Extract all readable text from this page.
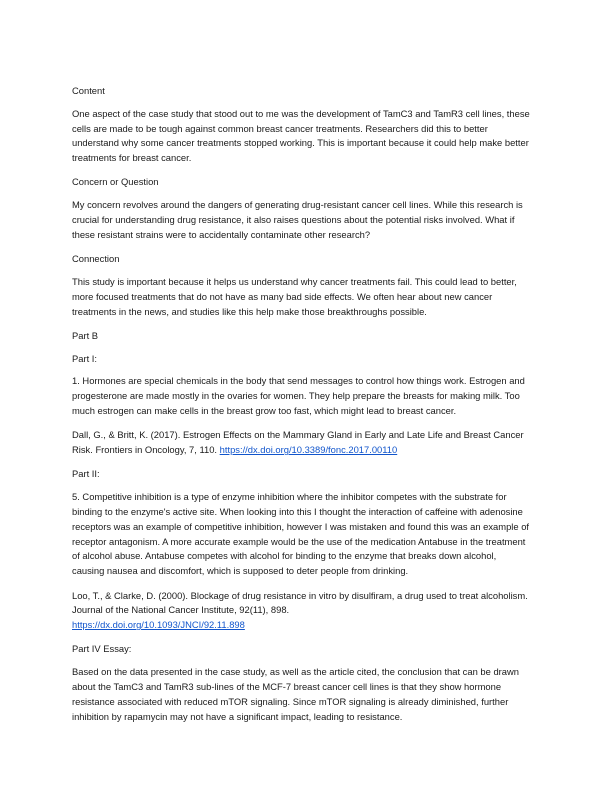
Content

One aspect of the case study that stood out to me was the development of TamC3 and TamR3 cell lines, these cells are made to be tough against common breast cancer treatments. Researchers did this to better understand why some cancer treatments stopped working. This is important because it could help make better treatments for breast cancer.

Concern or Question

My concern revolves around the dangers of generating drug-resistant cancer cell lines. While this research is crucial for understanding drug resistance, it also raises questions about the potential risks involved. What if these resistant strains were to accidentally contaminate other research?

Connection

This study is important because it helps us understand why cancer treatments fail. This could lead to better, more focused treatments that do not have as many bad side effects. We often hear about new cancer treatments in the news, and studies like this help make those breakthroughs possible.

Part B

Part I:

1. Hormones are special chemicals in the body that send messages to control how things work. Estrogen and progesterone are made mostly in the ovaries for women. They help prepare the breasts for making milk. Too much estrogen can make cells in the breast grow too fast, which might lead to breast cancer.

Dall, G., & Britt, K. (2017). Estrogen Effects on the Mammary Gland in Early and Late Life and Breast Cancer Risk. Frontiers in Oncology, 7, 110. https://dx.doi.org/10.3389/fonc.2017.00110

Part II:

5. Competitive inhibition is a type of enzyme inhibition where the inhibitor competes with the substrate for binding to the enzyme's active site. When looking into this I thought the interaction of caffeine with adenosine receptors was an example of competitive inhibition, however I was mistaken and found this was an example of receptor antagonism. A more accurate example would be the use of the medication Antabuse in the treatment of alcohol abuse. Antabuse competes with alcohol for binding to the enzyme that breaks down alcohol, causing nausea and discomfort, which is supposed to deter people from drinking.

Loo, T., & Clarke, D. (2000). Blockage of drug resistance in vitro by disulfiram, a drug used to treat alcoholism. Journal of the National Cancer Institute, 92(11), 898.
https://dx.doi.org/10.1093/JNCI/92.11.898

Part IV Essay:

Based on the data presented in the case study, as well as the article cited, the conclusion that can be drawn about the TamC3 and TamR3 sub-lines of the MCF-7 breast cancer cell lines is that they show hormone resistance associated with reduced mTOR signaling. Since mTOR signaling is already diminished, further inhibition by rapamycin may not have a significant impact, leading to resistance.
